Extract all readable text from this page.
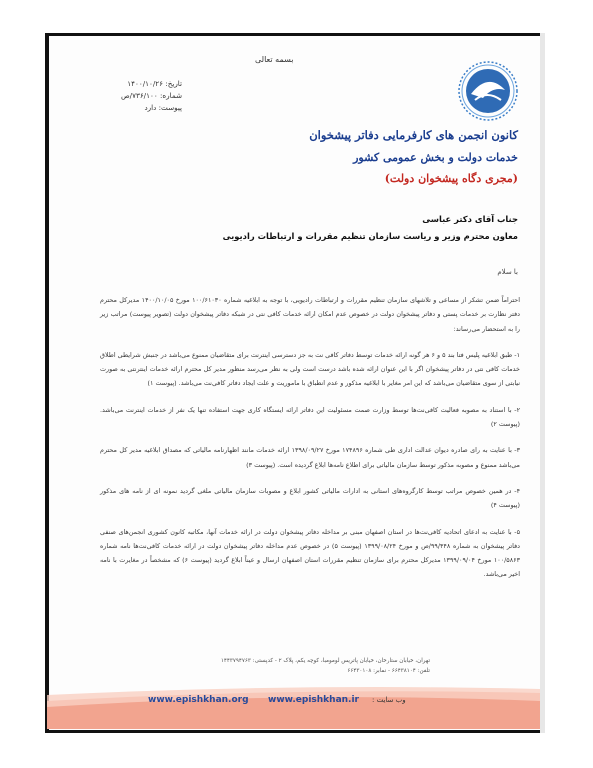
بسمه تعالی
تاریخ: ۱۴۰۰/۱۰/۲۶
شماره: ۷۳۶/۱۰۰/ص
پیوست: دارد
کانون انجمن های کارفرمایی دفاتر پیشخوان
خدمات دولت و بخش عمومی کشور
(مجری دگاه پیشخوان دولت)
جناب آقای دکتر عباسی
معاون محترم وزیر و ریاست سازمان تنظیم مقررات و ارتباطات رادیویی
با سلام

احتراماً ضمن تشکر از مساعی و تلاشهای سازمان تنظیم مقررات و ارتباطات رادیویی، با توجه به ابلاغیه شماره ۱۰۰/۶۱۰۳۰ مورخ ۱۴۰۰/۱۰/۰۵ مدیرکل محترم دفتر نظارت بر خدمات پستی و دفاتر پیشخوان دولت در خصوص عدم امکان ارائه خدمات کافی نتی در شبکه دفاتر پیشخوان دولت (تصویر پیوست) مراتب زیر را به استحضار می‌رساند:

۱- طبق ابلاغیه پلیس فتا بند ۵ و ۶ هر گونه ارائه خدمات توسط دفاتر کافی نت به جز دسترسی اینترنت برای متقاضیان ممنوع می‌باشد در جنبش شرایطی اطلاق خدمات کافی نتی در دفاتر پیشخوان اگر با این عنوان ارائه شده باشد درست است ولی به نظر می‌رسد منظور مدیر کل محترم ارائه خدمات اینترنتی به صورت نیابتی از سوی متقاضیان می‌باشد که این امر مغایر با ابلاغیه مذکور و عدم انطباق با ماموریت و علت ایجاد دفاتر کافی‌نت می‌باشد. (پیوست ۱)

۲- با استناد به مصوبه فعالیت کافی‌نت‌ها توسط وزارت صمت مسئولیت این دفاتر ارائه ایستگاه کاری جهت استفاده تنها یک نفر از خدمات اینترنت می‌باشد. (پیوست ۲)

۳- با عنایت به رای صادره دیوان عدالت اداری طی شماره ۱۷۴۸۹۶ مورخ ۱۳۹۸/۰۹/۲۷ ارائه خدمات مانند اظهارنامه مالیاتی که مصداق ابلاغیه مدیر کل محترم می‌باشد ممنوع و مصوبه مذکور توسط سازمان مالیاتی برای اطلاع نامه‌ها ابلاغ گردیده است. (پیوست ۳)

۴- در همین خصوص مراتب توسط کارگروه‌های استانی به ادارات مالیاتی کشور ابلاغ و مصوبات سازمان مالیاتی ملغی گردید نمونه ای از نامه های مذکور (پیوست ۴)

۵- با عنایت به ادعای اتحادیه کافی‌نت‌ها در استان اصفهان مبنی بر مداخله دفاتر پیشخوان دولت در ارائه خدمات آنها، مکاتبه کانون کشوری انجمن‌های صنفی دفاتر پیشخوان به شماره ۹۹/۴۴۸/ص و مورخ ۱۳۹۹/۰۸/۲۴ (پیوست ۵) در خصوص عدم مداخله دفاتر پیشخوان دولت در ارائه خدمات کافی‌نت‌ها نامه شماره ۱۰۰/۵۸۶۳ مورخ ۱۳۹۹/۰۹/۰۴ مدیرکل محترم برای سازمان تنظیم مقررات استان اصفهان ارسال و عیناً ابلاغ گردید (پیوست ۶) که مشخصاً در مغایرت با نامه اخیر می‌باشد.

تهران، خیابان ستارخان، خیابان پاتریس لومومبا، کوچه یکم، پلاک ۲ - کدپستی: ۱۴۴۳۷۹۴۷۶۳
تلفن: ۶۶۴۳۸۱۰۴ - نمابر: ۶۶۴۳۰۱۰۸
www.epishkhan.org www.epishkhan.ir وب سایت :
